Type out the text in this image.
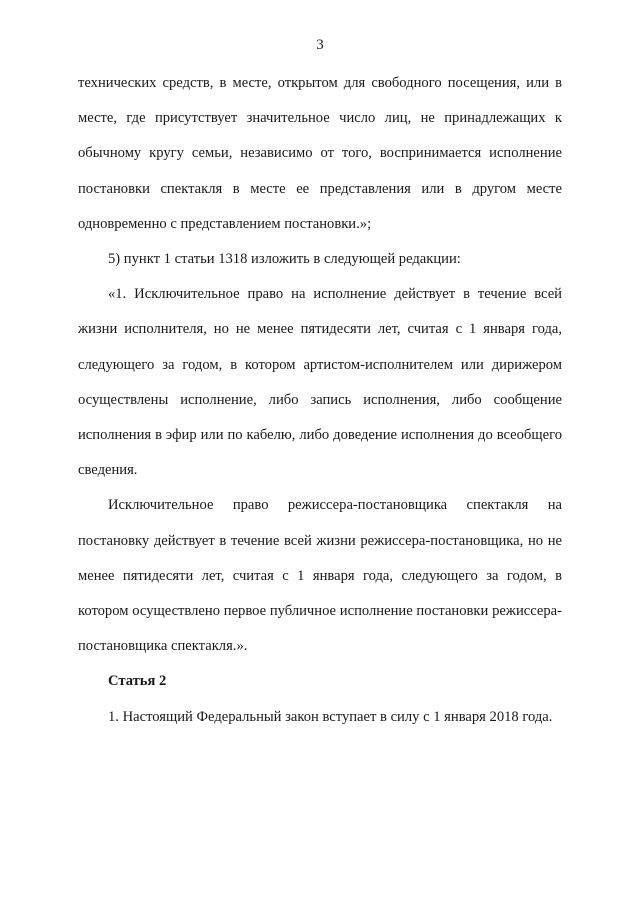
3

технических средств, в месте, открытом для свободного посещения, или в месте, где присутствует значительное число лиц, не принадлежащих к обычному кругу семьи, независимо от того, воспринимается исполнение постановки спектакля в месте ее представления или в другом месте одновременно с представлением постановки.»;

5) пункт 1 статьи 1318 изложить в следующей редакции:

«1. Исключительное право на исполнение действует в течение всей жизни исполнителя, но не менее пятидесяти лет, считая с 1 января года, следующего за годом, в котором артистом-исполнителем или дирижером осуществлены исполнение, либо запись исполнения, либо сообщение исполнения в эфир или по кабелю, либо доведение исполнения до всеобщего сведения.

Исключительное право режиссера-постановщика спектакля на постановку действует в течение всей жизни режиссера-постановщика, но не менее пятидесяти лет, считая с 1 января года, следующего за годом, в котором осуществлено первое публичное исполнение постановки режиссера-постановщика спектакля.».

Статья 2

1. Настоящий Федеральный закон вступает в силу с 1 января 2018 года.
